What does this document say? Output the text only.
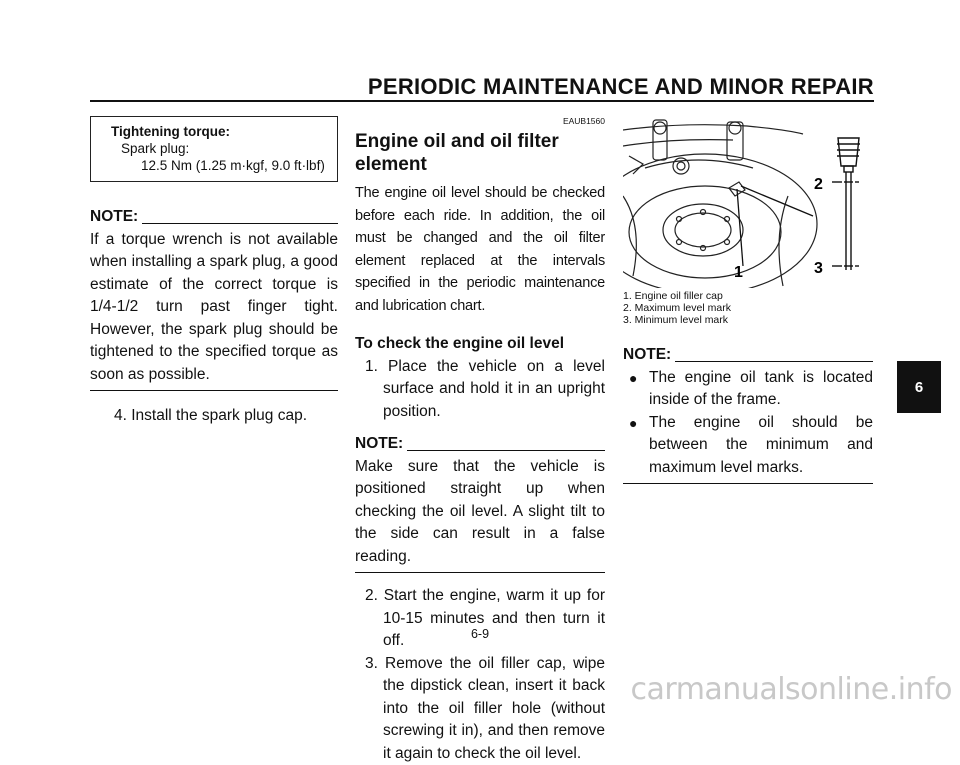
PERIODIC MAINTENANCE AND MINOR REPAIR
Tightening torque:
Spark plug:
12.5 Nm (1.25 m·kgf, 9.0 ft·lbf)
NOTE:
If a torque wrench is not available when installing a spark plug, a good estimate of the correct torque is 1/4-1/2 turn past finger tight. However, the spark plug should be tightened to the specified torque as soon as possible.
4. Install the spark plug cap.
EAUB1560
Engine oil and oil filter element
The engine oil level should be checked before each ride. In addition, the oil must be changed and the oil filter element replaced at the intervals specified in the periodic maintenance and lubrication chart.
To check the engine oil level
1. Place the vehicle on a level surface and hold it in an upright position.
NOTE:
Make sure that the vehicle is positioned straight up when checking the oil level. A slight tilt to the side can result in a false reading.
2. Start the engine, warm it up for 10-15 minutes and then turn it off.
3. Remove the oil filler cap, wipe the dipstick clean, insert it back into the oil filler hole (without screwing it in), and then remove it again to check the oil level.
1
2
3
1. Engine oil filler cap
2. Maximum level mark
3. Minimum level mark
NOTE:
● The engine oil tank is located inside of the frame.
● The engine oil should be between the minimum and maximum level marks.
6
6-9
carmanualsonline.info
